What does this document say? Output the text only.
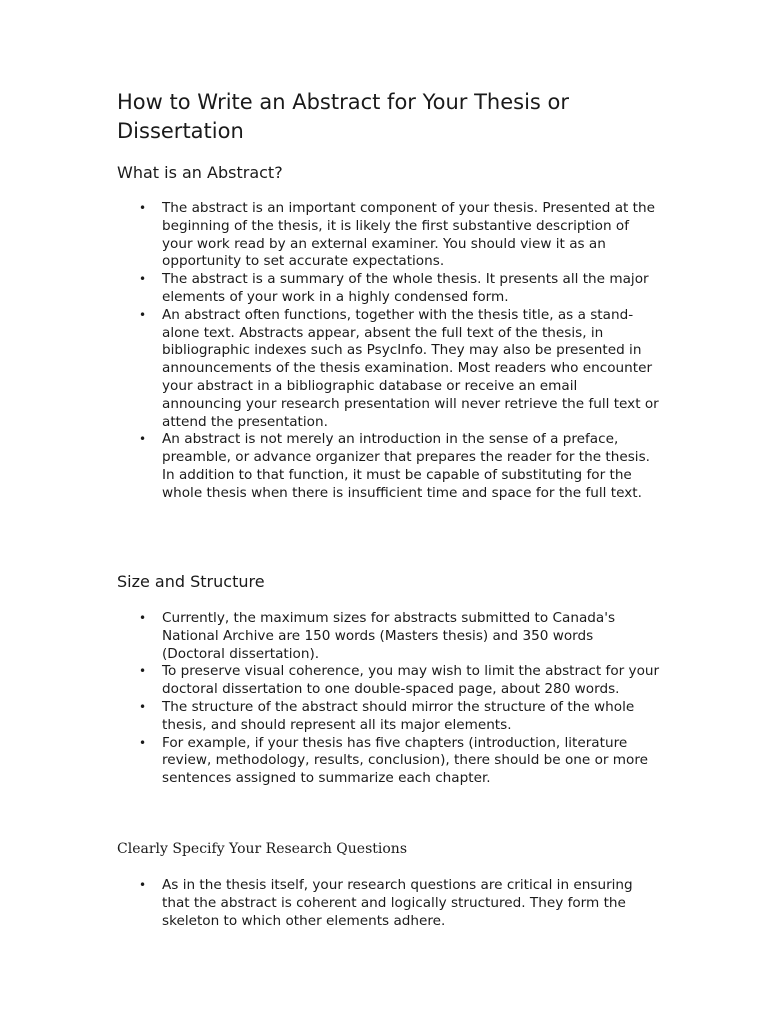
How to Write an Abstract for Your Thesis or Dissertation
What is an Abstract?
• The abstract is an important component of your thesis. Presented at the beginning of the thesis, it is likely the first substantive description of your work read by an external examiner. You should view it as an opportunity to set accurate expectations.
• The abstract is a summary of the whole thesis. It presents all the major elements of your work in a highly condensed form.
• An abstract often functions, together with the thesis title, as a stand-alone text. Abstracts appear, absent the full text of the thesis, in bibliographic indexes such as PsycInfo. They may also be presented in announcements of the thesis examination. Most readers who encounter your abstract in a bibliographic database or receive an email announcing your research presentation will never retrieve the full text or attend the presentation.
• An abstract is not merely an introduction in the sense of a preface, preamble, or advance organizer that prepares the reader for the thesis. In addition to that function, it must be capable of substituting for the whole thesis when there is insufficient time and space for the full text.
Size and Structure
• Currently, the maximum sizes for abstracts submitted to Canada's National Archive are 150 words (Masters thesis) and 350 words (Doctoral dissertation).
• To preserve visual coherence, you may wish to limit the abstract for your doctoral dissertation to one double-spaced page, about 280 words.
• The structure of the abstract should mirror the structure of the whole thesis, and should represent all its major elements.
• For example, if your thesis has five chapters (introduction, literature review, methodology, results, conclusion), there should be one or more sentences assigned to summarize each chapter.
Clearly Specify Your Research Questions
• As in the thesis itself, your research questions are critical in ensuring that the abstract is coherent and logically structured. They form the skeleton to which other elements adhere.
